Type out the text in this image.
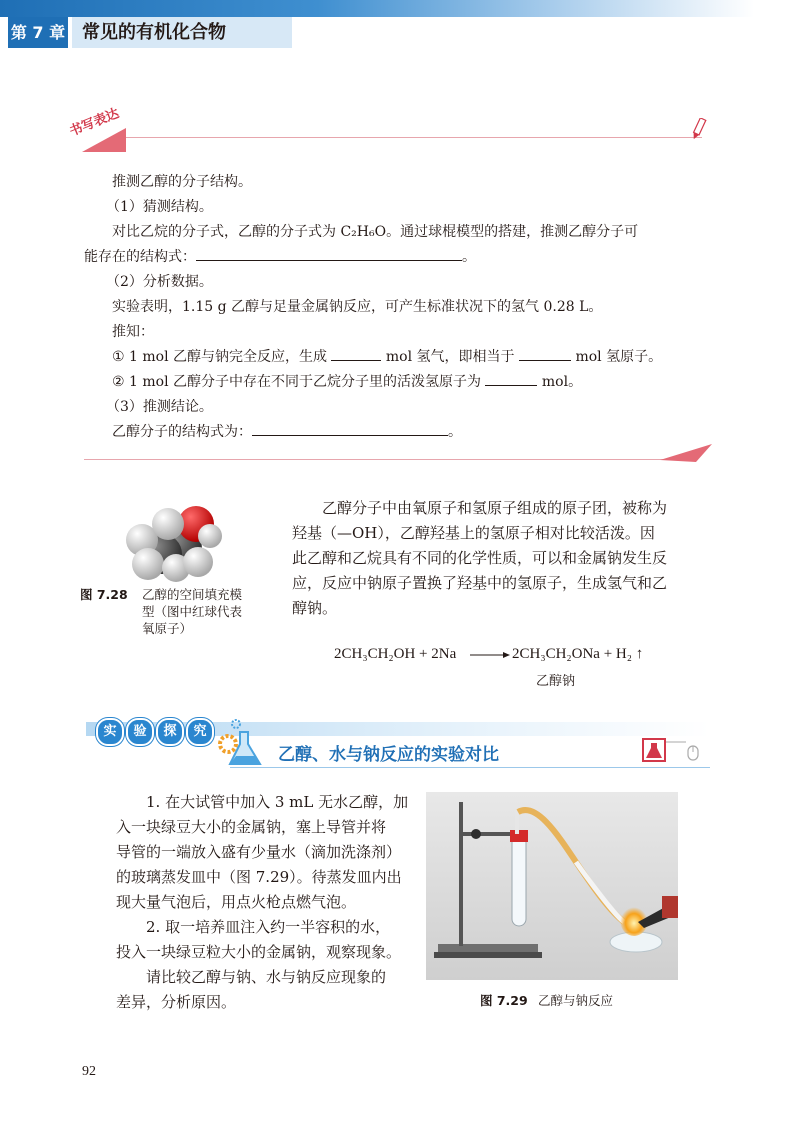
第 7 章 常见的有机化合物
书写表达
推测乙醇的分子结构。
（1）猜测结构。
对比乙烷的分子式，乙醇的分子式为 C₂H₆O。通过球棍模型的搭建，推测乙醇分子可
能存在的结构式：	。
（2）分析数据。
实验表明，1.15 g 乙醇与足量金属钠反应，可产生标准状况下的氢气 0.28 L。
推知：
① 1 mol 乙醇与钠完全反应，生成	mol 氢气，即相当于	mol 氢原子。
② 1 mol 乙醇分子中存在不同于乙烷分子里的活泼氢原子为	mol。
（3）推测结论。
乙醇分子的结构式为：	。
图 7.28 乙醇的空间填充模
型（图中红球代表
氧原子）
乙醇分子中由氧原子和氢原子组成的原子团，被称为
羟基（—OH），乙醇羟基上的氢原子相对比较活泼。因
此乙醇和乙烷具有不同的化学性质，可以和金属钠发生反
应，反应中钠原子置换了羟基中的氢原子，生成氢气和乙
醇钠。
2CH₃CH₂OH + 2Na → 2CH₃CH₂ONa + H₂ ↑
乙醇钠
实	验	探	究
乙醇、水与钠反应的实验对比
1. 在大试管中加入 3 mL 无水乙醇，加
入一块绿豆大小的金属钠，塞上导管并将
导管的一端放入盛有少量水（滴加洗涤剂）
的玻璃蒸发皿中（图 7.29）。待蒸发皿内出
现大量气泡后，用点火枪点燃气泡。
2. 取一培养皿注入约一半容积的水，
投入一块绿豆粒大小的金属钠，观察现象。
请比较乙醇与钠、水与钠反应现象的
差异，分析原因。	图 7.29 乙醇与钠反应
92
